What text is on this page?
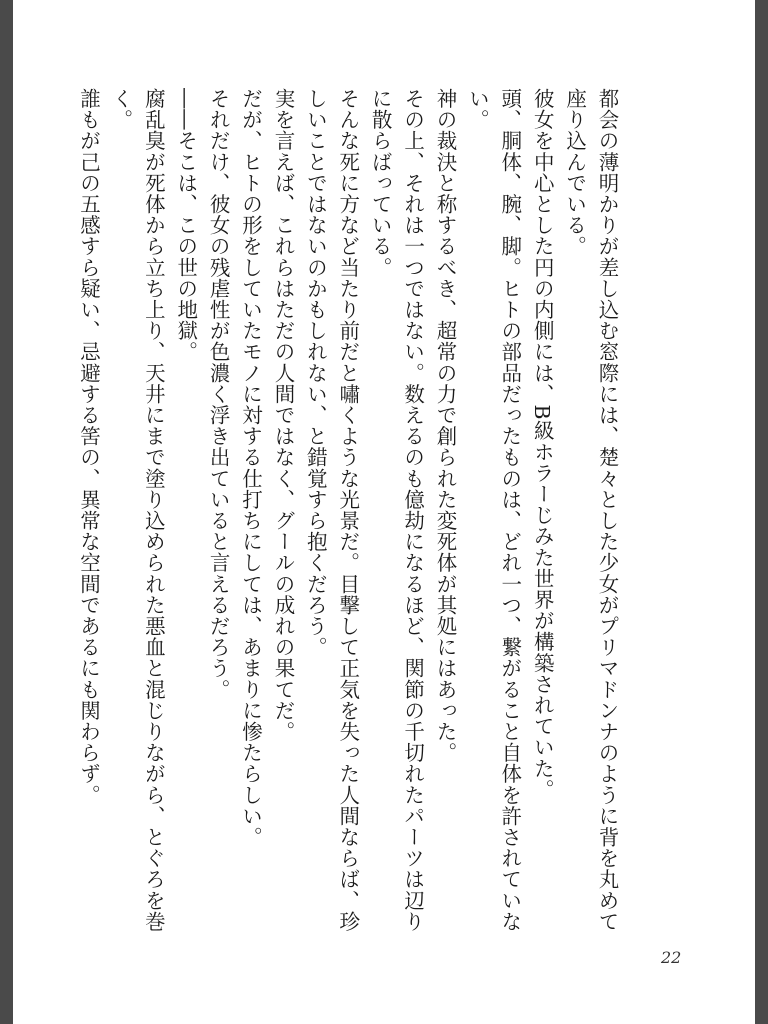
都会の薄明かりが差し込む窓際には、楚々とした少女がプリマドンナのように背を丸めて座り込んでいる。

彼女を中心とした円の内側には、B級ホラーじみた世界が構築されていた。

頭、胴体、腕、脚。ヒトの部品だったものは、どれ一つ、繋がること自体を許されていない。

神の裁決と称するべき、超常の力で創られた変死体が其処にはあった。

その上、それは一つではない。数えるのも億劫になるほど、関節の千切れたパーツは辺りに散らばっている。

そんな死に方など当たり前だと嘯くような光景だ。目撃して正気を失った人間ならば、珍しいことではないのかもしれない、と錯覚すら抱くだろう。

実を言えば、これらはただの人間ではなく、グールの成れの果てだ。

だが、ヒトの形をしていたモノに対する仕打ちにしては、あまりに惨たらしい。

それだけ、彼女の残虐性が色濃く浮き出ていると言えるだろう。

――そこは、この世の地獄。

腐乱臭が死体から立ち上り、天井にまで塗り込められた悪血と混じりながら、とぐろを巻く。

誰もが己の五感すら疑い、忌避する筈の、異常な空間であるにも関わらず。

22
